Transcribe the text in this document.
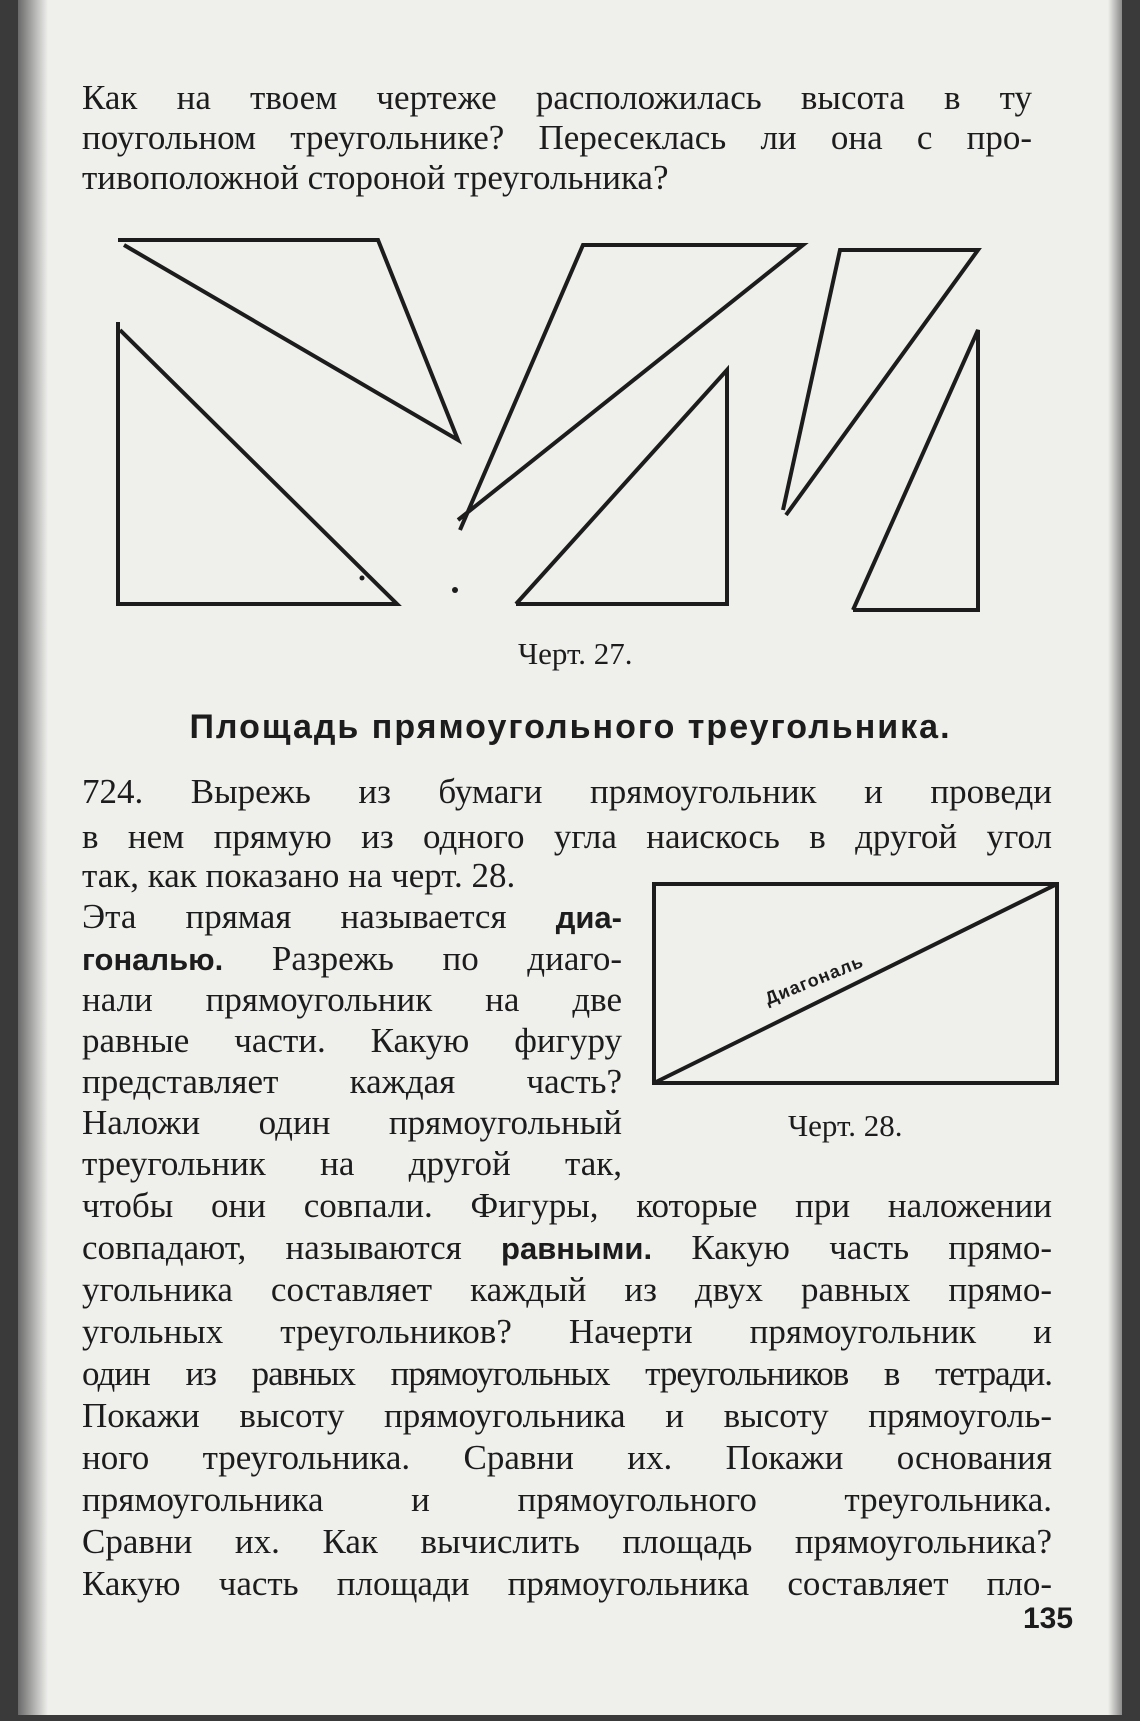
Как на твоем чертеже расположилась высота в ту
поугольном треугольнике? Пересеклась ли она с про-
тивоположной стороной треугольника?
Черт. 27.
Площадь прямоугольного треугольника.
724. Вырежь из бумаги прямоугольник и проведи
в нем прямую из одного угла наискось в другой угол
так, как показано на черт. 28.
Эта прямая называется диа-
гональю. Разрежь по диаго-
нали прямоугольник на две
равные части. Какую фигуру
представляет каждая часть?
Наложи один прямоугольный
треугольник на другой так,
Диагональ
Черт. 28.
чтобы они совпали. Фигуры, которые при наложении
совпадают, называются равными. Какую часть прямо-
угольника составляет каждый из двух равных прямо-
угольных треугольников? Начерти прямоугольник и
один из равных прямоугольных треугольников в тетради.
Покажи высоту прямоугольника и высоту прямоуголь-
ного треугольника. Сравни их. Покажи основания
прямоугольника и прямоугольного треугольника.
Сравни их. Как вычислить площадь прямоугольника?
Какую часть площади прямоугольника составляет пло-
135
